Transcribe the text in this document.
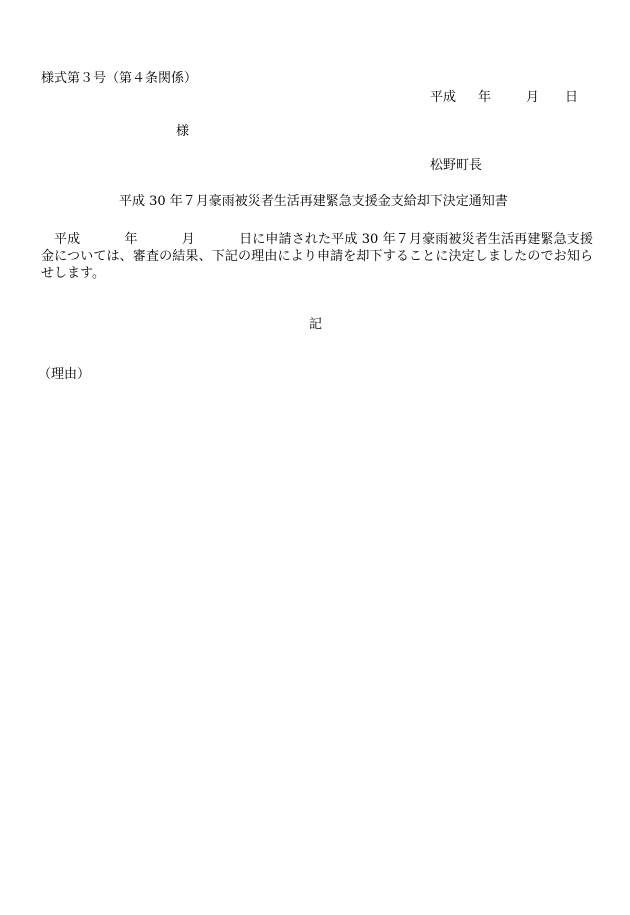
様式第３号（第４条関係）
平成 年	月 日
様
松野町長
平成 30 年７月豪雨被災者生活再建緊急支援金支給却下決定通知書
平成	年	月	日に申請された平成 30 年７月豪雨被災者生活再建緊急支援金については、審査の結果、下記の理由により申請を却下することに決定しましたのでお知らせします。
記
（理由）
